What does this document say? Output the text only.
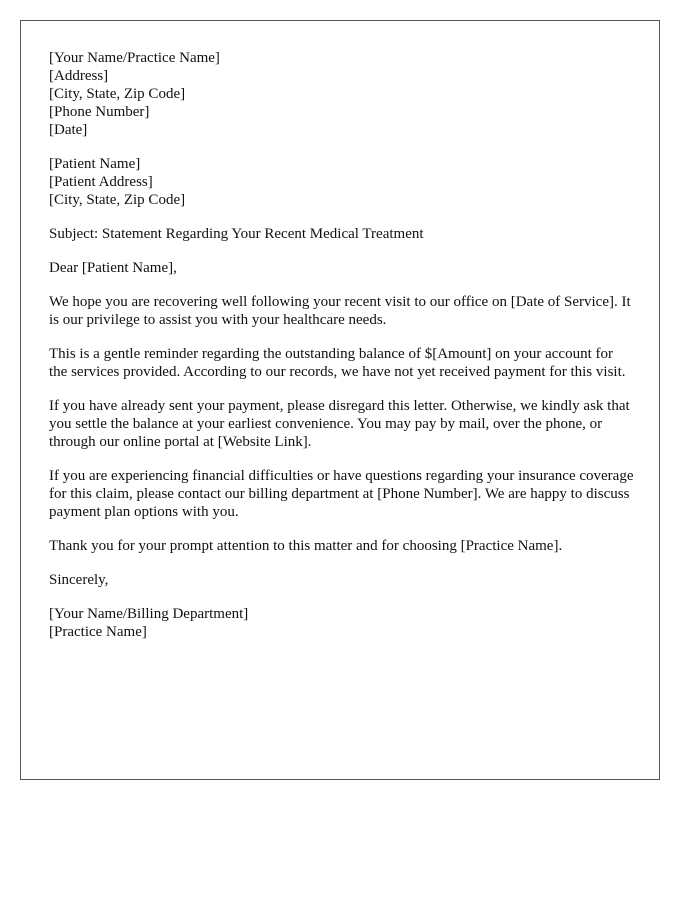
[Your Name/Practice Name]
[Address]
[City, State, Zip Code]
[Phone Number]
[Date]
[Patient Name]
[Patient Address]
[City, State, Zip Code]

Subject: Statement Regarding Your Recent Medical Treatment

Dear [Patient Name],

We hope you are recovering well following your recent visit to our office on [Date of Service]. It is our privilege to assist you with your healthcare needs.

This is a gentle reminder regarding the outstanding balance of $[Amount] on your account for the services provided. According to our records, we have not yet received payment for this visit.

If you have already sent your payment, please disregard this letter. Otherwise, we kindly ask that you settle the balance at your earliest convenience. You may pay by mail, over the phone, or through our online portal at [Website Link].

If you are experiencing financial difficulties or have questions regarding your insurance coverage for this claim, please contact our billing department at [Phone Number]. We are happy to discuss payment plan options with you.

Thank you for your prompt attention to this matter and for choosing [Practice Name].

Sincerely,

[Your Name/Billing Department]
[Practice Name]
